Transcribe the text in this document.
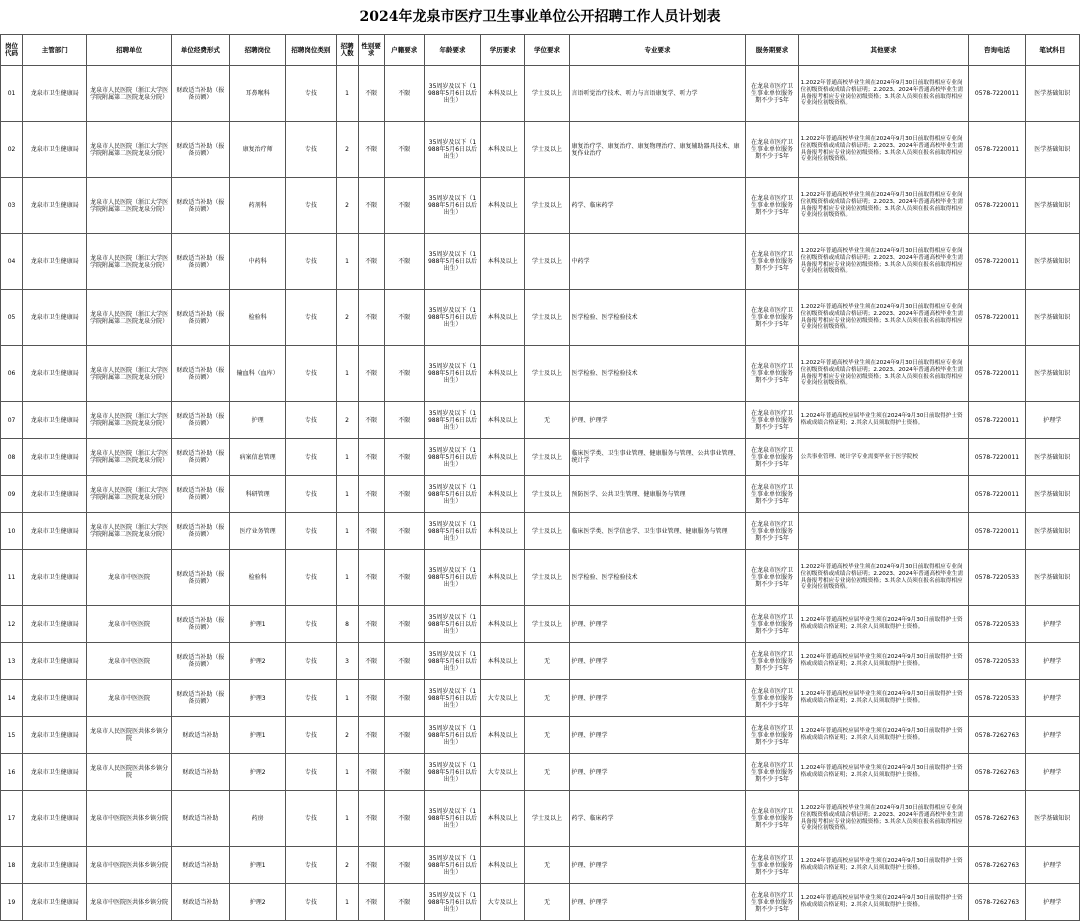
2024年龙泉市医疗卫生事业单位公开招聘工作人员计划表
岗位代码	主管部门	招聘单位	单位经费形式	招聘岗位	招聘岗位类别	招聘人数	性别要求	户籍要求	年龄要求	学历要求	学位要求	专业要求	服务期要求	其他要求	咨询电话	笔试科目
01	龙泉市卫生健康局	龙泉市人民医院（浙江大学医学院附属第二医院龙泉分院）	财政适当补助（报备员额）	耳鼻喉科	专技	1	不限	不限	35周岁及以下（1988年5月6日以后出生）	本科及以上	学士及以上	言语听觉治疗技术、听力与言语康复学、听力学	在龙泉市医疗卫生事业单位服务期不少于5年	1.2022年普通高校毕业生须在2024年9月30日前取得相应专业岗位初级资格或成绩合格证明；2.2023、2024年普通高校毕业生需具备报考相应专业岗位初级资格；3.其余人员须在报名前取得相应专业岗位初级资格。	0578-7220011	医学基础知识
02	龙泉市卫生健康局	龙泉市人民医院（浙江大学医学院附属第二医院龙泉分院）	财政适当补助（报备员额）	康复治疗师	专技	2	不限	不限	35周岁及以下（1988年5月6日以后出生）	本科及以上	学士及以上	康复治疗学、康复治疗、康复物理治疗、康复辅助器具技术、康复作业治疗	在龙泉市医疗卫生事业单位服务期不少于5年	1.2022年普通高校毕业生须在2024年9月30日前取得相应专业岗位初级资格或成绩合格证明；2.2023、2024年普通高校毕业生需具备报考相应专业岗位初级资格；3.其余人员须在报名前取得相应专业岗位初级资格。	0578-7220011	医学基础知识
03	龙泉市卫生健康局	龙泉市人民医院（浙江大学医学院附属第二医院龙泉分院）	财政适当补助（报备员额）	药剂科	专技	2	不限	不限	35周岁及以下（1988年5月6日以后出生）	本科及以上	学士及以上	药学、临床药学	在龙泉市医疗卫生事业单位服务期不少于5年	1.2022年普通高校毕业生须在2024年9月30日前取得相应专业岗位初级资格或成绩合格证明；2.2023、2024年普通高校毕业生需具备报考相应专业岗位初级资格；3.其余人员须在报名前取得相应专业岗位初级资格。	0578-7220011	医学基础知识
04	龙泉市卫生健康局	龙泉市人民医院（浙江大学医学院附属第二医院龙泉分院）	财政适当补助（报备员额）	中药科	专技	1	不限	不限	35周岁及以下（1988年5月6日以后出生）	本科及以上	学士及以上	中药学	在龙泉市医疗卫生事业单位服务期不少于5年	1.2022年普通高校毕业生须在2024年9月30日前取得相应专业岗位初级资格或成绩合格证明；2.2023、2024年普通高校毕业生需具备报考相应专业岗位初级资格；3.其余人员须在报名前取得相应专业岗位初级资格。	0578-7220011	医学基础知识
05	龙泉市卫生健康局	龙泉市人民医院（浙江大学医学院附属第二医院龙泉分院）	财政适当补助（报备员额）	检验科	专技	2	不限	不限	35周岁及以下（1988年5月6日以后出生）	本科及以上	学士及以上	医学检验、医学检验技术	在龙泉市医疗卫生事业单位服务期不少于5年	1.2022年普通高校毕业生须在2024年9月30日前取得相应专业岗位初级资格或成绩合格证明；2.2023、2024年普通高校毕业生需具备报考相应专业岗位初级资格；3.其余人员须在报名前取得相应专业岗位初级资格。	0578-7220011	医学基础知识
06	龙泉市卫生健康局	龙泉市人民医院（浙江大学医学院附属第二医院龙泉分院）	财政适当补助（报备员额）	输血科（血库）	专技	1	不限	不限	35周岁及以下（1988年5月6日以后出生）	本科及以上	学士及以上	医学检验、医学检验技术	在龙泉市医疗卫生事业单位服务期不少于5年	1.2022年普通高校毕业生须在2024年9月30日前取得相应专业岗位初级资格或成绩合格证明；2.2023、2024年普通高校毕业生需具备报考相应专业岗位初级资格；3.其余人员须在报名前取得相应专业岗位初级资格。	0578-7220011	医学基础知识
07	龙泉市卫生健康局	龙泉市人民医院（浙江大学医学院附属第二医院龙泉分院）	财政适当补助（报备员额）	护理	专技	2	不限	不限	35周岁及以下（1988年5月6日以后出生）	本科及以上	无	护理、护理学	在龙泉市医疗卫生事业单位服务期不少于5年	1.2024年普通高校应届毕业生须在2024年9月30日前取得护士资格或成绩合格证明；2.其余人员须取得护士资格。	0578-7220011	护理学
08	龙泉市卫生健康局	龙泉市人民医院（浙江大学医学院附属第二医院龙泉分院）	财政适当补助（报备员额）	病案信息管理	专技	1	不限	不限	35周岁及以下（1988年5月6日以后出生）	本科及以上	学士及以上	临床医学类、卫生事业管理、健康服务与管理、公共事业管理、统计学	在龙泉市医疗卫生事业单位服务期不少于5年	公共事业管理、统计学专业需要毕业于医学院校	0578-7220011	医学基础知识
09	龙泉市卫生健康局	龙泉市人民医院（浙江大学医学院附属第二医院龙泉分院）	财政适当补助（报备员额）	科研管理	专技	1	不限	不限	35周岁及以下（1988年5月6日以后出生）	本科及以上	学士及以上	预防医学、公共卫生管理、健康服务与管理	在龙泉市医疗卫生事业单位服务期不少于5年		0578-7220011	医学基础知识
10	龙泉市卫生健康局	龙泉市人民医院（浙江大学医学院附属第二医院龙泉分院）	财政适当补助（报备员额）	医疗业务管理	专技	1	不限	不限	35周岁及以下（1988年5月6日以后出生）	本科及以上	学士及以上	临床医学类、医学信息学、卫生事业管理、健康服务与管理	在龙泉市医疗卫生事业单位服务期不少于5年		0578-7220011	医学基础知识
11	龙泉市卫生健康局	龙泉市中医医院	财政适当补助（报备员额）	检验科	专技	1	不限	不限	35周岁及以下（1988年5月6日以后出生）	本科及以上	学士及以上	医学检验、医学检验技术	在龙泉市医疗卫生事业单位服务期不少于5年	1.2022年普通高校毕业生须在2024年9月30日前取得相应专业岗位初级资格或成绩合格证明；2.2023、2024年普通高校毕业生需具备报考相应专业岗位初级资格；3.其余人员须在报名前取得相应专业岗位初级资格。	0578-7220533	医学基础知识
12	龙泉市卫生健康局	龙泉市中医医院	财政适当补助（报备员额）	护理1	专技	8	不限	不限	35周岁及以下（1988年5月6日以后出生）	本科及以上	学士及以上	护理、护理学	在龙泉市医疗卫生事业单位服务期不少于5年	1.2024年普通高校应届毕业生须在2024年9月30日前取得护士资格或成绩合格证明；2.其余人员须取得护士资格。	0578-7220533	护理学
13	龙泉市卫生健康局	龙泉市中医医院	财政适当补助（报备员额）	护理2	专技	3	不限	不限	35周岁及以下（1988年5月6日以后出生）	本科及以上	无	护理、护理学	在龙泉市医疗卫生事业单位服务期不少于5年	1.2024年普通高校应届毕业生须在2024年9月30日前取得护士资格或成绩合格证明；2.其余人员须取得护士资格。	0578-7220533	护理学
14	龙泉市卫生健康局	龙泉市中医医院	财政适当补助（报备员额）	护理3	专技	1	不限	不限	35周岁及以下（1988年5月6日以后出生）	大专及以上	无	护理、护理学	在龙泉市医疗卫生事业单位服务期不少于5年	1.2024年普通高校应届毕业生须在2024年9月30日前取得护士资格或成绩合格证明；2.其余人员须取得护士资格。	0578-7220533	护理学
15	龙泉市卫生健康局	龙泉市人民医院医共体乡镇分院	财政适当补助	护理1	专技	2	不限	不限	35周岁及以下（1988年5月6日以后出生）	本科及以上	无	护理、护理学	在龙泉市医疗卫生事业单位服务期不少于5年	1.2024年普通高校应届毕业生须在2024年9月30日前取得护士资格或成绩合格证明；2.其余人员须取得护士资格。	0578-7262763	护理学
16	龙泉市卫生健康局	龙泉市人民医院医共体乡镇分院	财政适当补助	护理2	专技	1	不限	不限	35周岁及以下（1988年5月6日以后出生）	大专及以上	无	护理、护理学	在龙泉市医疗卫生事业单位服务期不少于5年	1.2024年普通高校应届毕业生须在2024年9月30日前取得护士资格或成绩合格证明；2.其余人员须取得护士资格。	0578-7262763	护理学
17	龙泉市卫生健康局	龙泉市中医院医共体乡镇分院	财政适当补助	药房	专技	1	不限	不限	35周岁及以下（1988年5月6日以后出生）	本科及以上	学士及以上	药学、临床药学	在龙泉市医疗卫生事业单位服务期不少于5年	1.2022年普通高校毕业生须在2024年9月30日前取得相应专业岗位初级资格或成绩合格证明；2.2023、2024年普通高校毕业生需具备报考相应专业岗位初级资格；3.其余人员须在报名前取得相应专业岗位初级资格。	0578-7262763	医学基础知识
18	龙泉市卫生健康局	龙泉市中医院医共体乡镇分院	财政适当补助	护理1	专技	2	不限	不限	35周岁及以下（1988年5月6日以后出生）	本科及以上	无	护理、护理学	在龙泉市医疗卫生事业单位服务期不少于5年	1.2024年普通高校应届毕业生须在2024年9月30日前取得护士资格或成绩合格证明；2.其余人员须取得护士资格。	0578-7262763	护理学
19	龙泉市卫生健康局	龙泉市中医院医共体乡镇分院	财政适当补助	护理2	专技	1	不限	不限	35周岁及以下（1988年5月6日以后出生）	大专及以上	无	护理、护理学	在龙泉市医疗卫生事业单位服务期不少于5年	1.2024年普通高校应届毕业生须在2024年9月30日前取得护士资格或成绩合格证明；2.其余人员须取得护士资格。	0578-7262763	护理学
